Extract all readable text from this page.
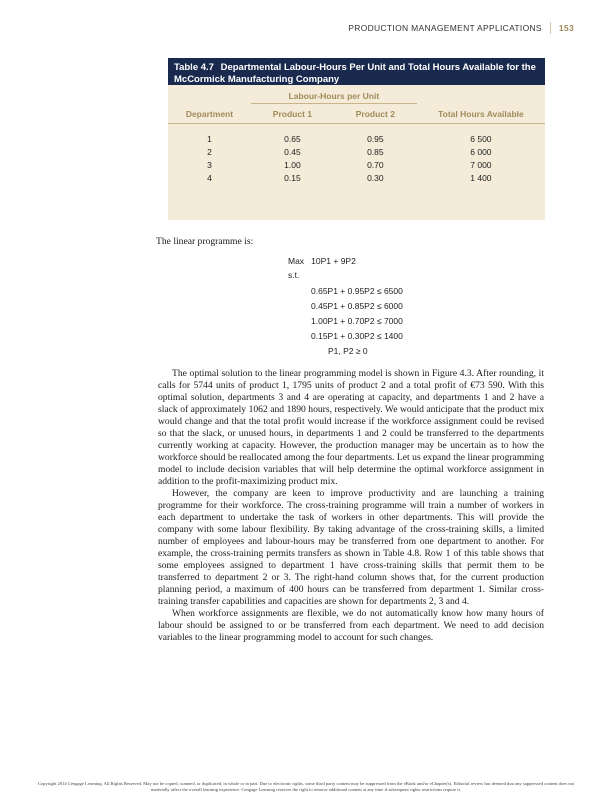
PRODUCTION MANAGEMENT APPLICATIONS 153
Table 4.7 Departmental Labour-Hours Per Unit and Total Hours Available for the McCormick Manufacturing Company
	Labour-Hours per Unit		

Department	Product 1	Product 2	Total Hours Available

1	0.65	0.95	6 500
2	0.45	0.85	6 000
3	1.00	0.70	7 000
4	0.15	0.30	1 400
The linear programme is:
Max 10P1 + 9P2
s.t.
0.65P1 + 0.95P2 ≤ 6500
0.45P1 + 0.85P2 ≤ 6000
1.00P1 + 0.70P2 ≤ 7000
0.15P1 + 0.30P2 ≤ 1400
P1, P2 ≥ 0

The optimal solution to the linear programming model is shown in Figure 4.3. After rounding, it calls for 5744 units of product 1, 1795 units of product 2 and a total profit of €73 590. With this optimal solution, departments 3 and 4 are operating at capacity, and departments 1 and 2 have a slack of approximately 1062 and 1890 hours, respectively. We would anticipate that the product mix would change and that the total profit would increase if the workforce assignment could be revised so that the slack, or unused hours, in departments 1 and 2 could be transferred to the departments currently working at capacity. However, the production manager may be uncertain as to how the workforce should be reallocated among the four departments. Let us expand the linear programming model to include decision variables that will help determine the optimal workforce assignment in addition to the profit-maximizing product mix.

However, the company are keen to improve productivity and are launching a training programme for their workforce. The cross-training programme will train a number of workers in each department to undertake the task of workers in other departments. This will provide the company with some labour flexibility. By taking advantage of the cross-training skills, a limited number of employees and labour-hours may be transferred from one department to another. For example, the cross-training permits transfers as shown in Table 4.8. Row 1 of this table shows that some employees assigned to department 1 have cross-training skills that permit them to be transferred to department 2 or 3. The right-hand column shows that, for the current production planning period, a maximum of 400 hours can be transferred from department 1. Similar cross-training transfer capabilities and capacities are shown for departments 2, 3 and 4.

When workforce assignments are flexible, we do not automatically know how many hours of labour should be assigned to or be transferred from each department. We need to add decision variables to the linear programming model to account for such changes.

Copyright 2014 Cengage Learning. All Rights Reserved. May not be copied, scanned, or duplicated, in whole or in part. Due to electronic rights, some third party content may be suppressed from the eBook and/or eChapter(s). Editorial review has deemed that any suppressed content does not materially affect the overall learning experience. Cengage Learning reserves the right to remove additional content at any time if subsequent rights restrictions require it.
